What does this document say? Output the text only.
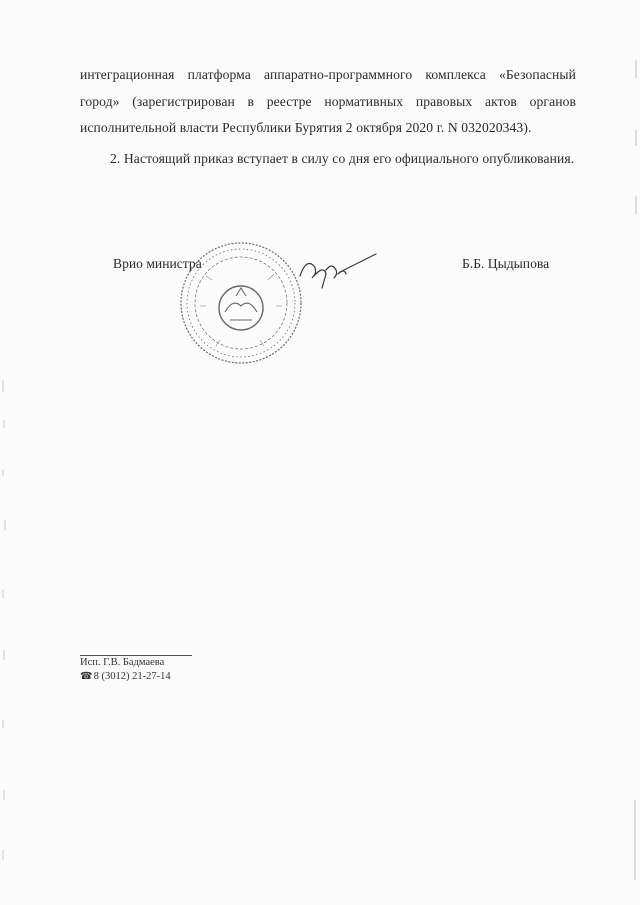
интеграционная платформа аппаратно-программного комплекса «Безопасный город» (зарегистрирован в реестре нормативных правовых актов органов исполнительной власти Республики Бурятия 2 октября 2020 г. N 032020343).
2. Настоящий приказ вступает в силу со дня его официального опубликования.
Врио министра	Б.Б. Цыдыпова
Исп. Г.В. Бадмаева
☎ 8 (3012) 21-27-14
